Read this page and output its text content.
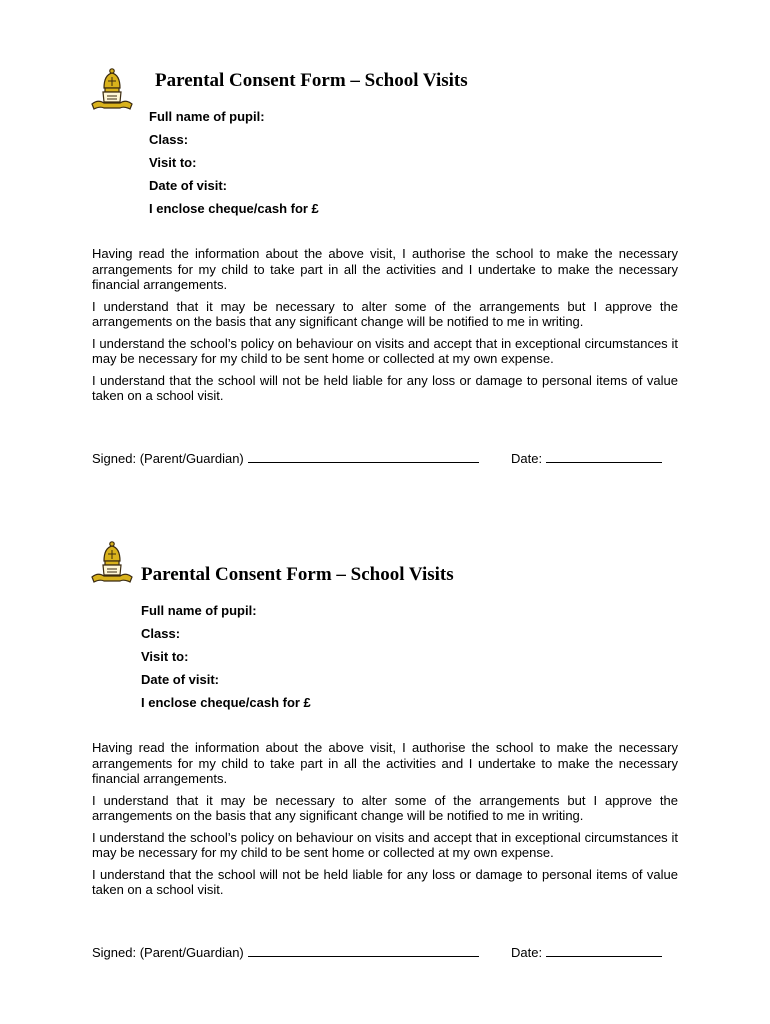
Parental Consent Form – School Visits
Full name of pupil:
Class:
Visit to:
Date of visit:
I enclose cheque/cash for £

Having read the information about the above visit, I authorise the school to make the necessary arrangements for my child to take part in all the activities and I undertake to make the necessary financial arrangements.

I understand that it may be necessary to alter some of the arrangements but I approve the arrangements on the basis that any significant change will be notified to me in writing.

I understand the school’s policy on behaviour on visits and accept that in exceptional circumstances it may be necessary for my child to be sent home or collected at my own expense.

I understand that the school will not be held liable for any loss or damage to personal items of value taken on a school visit.

Signed: (Parent/Guardian)	Date:
Parental Consent Form – School Visits
Full name of pupil:
Class:
Visit to:
Date of visit:
I enclose cheque/cash for £

Having read the information about the above visit, I authorise the school to make the necessary arrangements for my child to take part in all the activities and I undertake to make the necessary financial arrangements.

I understand that it may be necessary to alter some of the arrangements but I approve the arrangements on the basis that any significant change will be notified to me in writing.

I understand the school’s policy on behaviour on visits and accept that in exceptional circumstances it may be necessary for my child to be sent home or collected at my own expense.

I understand that the school will not be held liable for any loss or damage to personal items of value taken on a school visit.

Signed: (Parent/Guardian)	Date:
